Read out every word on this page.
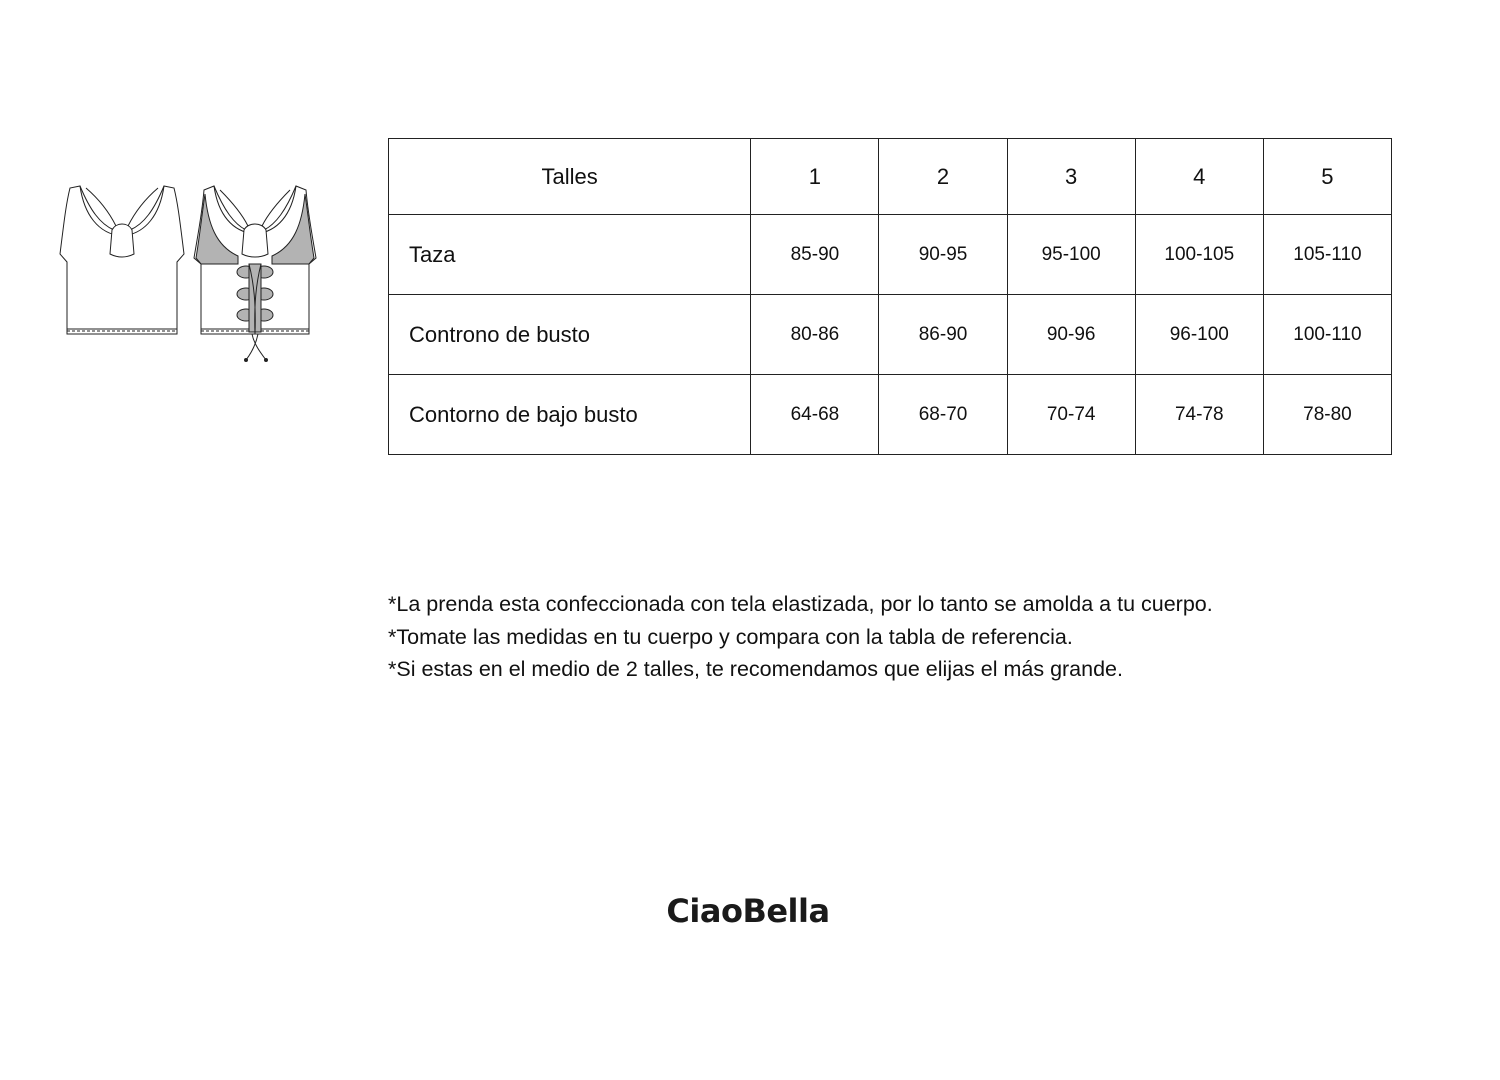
Talles	1	2	3	4	5
Taza	85-90	90-95	95-100	100-105	105-110
Controno de busto	80-86	86-90	90-96	96-100	100-110
Contorno de bajo busto	64-68	68-70	70-74	74-78	78-80

*La prenda esta confeccionada con tela elastizada, por lo tanto se amolda a tu cuerpo.

*Tomate las medidas en tu cuerpo y compara con la tabla de referencia.

*Si estas en el medio de 2 talles, te recomendamos que elijas el más grande.

CiaoBella
